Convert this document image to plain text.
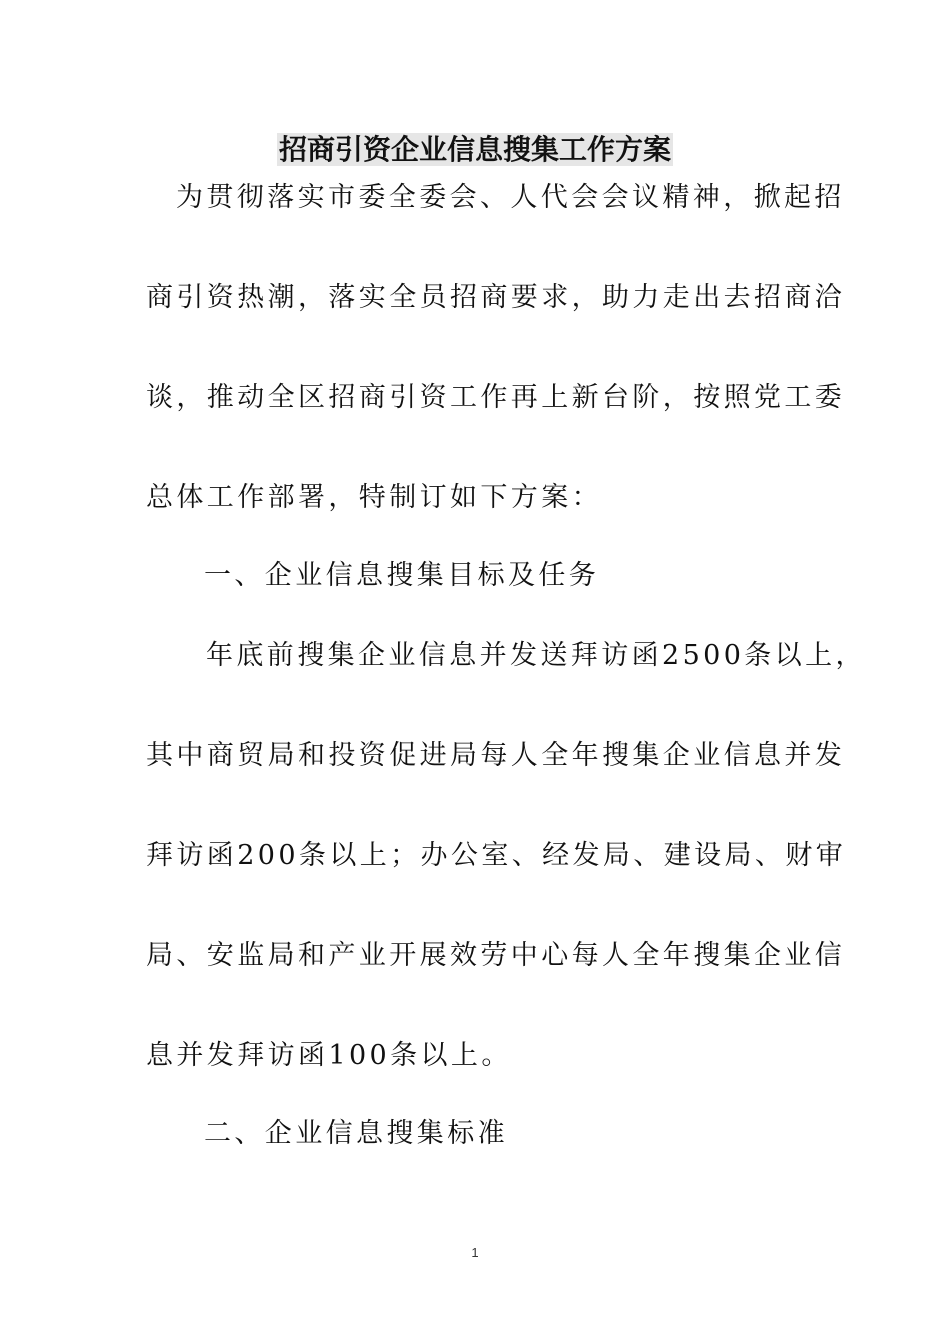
招商引资企业信息搜集工作方案
为贯彻落实市委全委会、人代会会议精神，掀起招
商引资热潮，落实全员招商要求，助力走出去招商洽
谈，推动全区招商引资工作再上新台阶，按照党工委
总体工作部署，特制订如下方案：
一、企业信息搜集目标及任务
年底前搜集企业信息并发送拜访函2500条以上，
其中商贸局和投资促进局每人全年搜集企业信息并发
拜访函200条以上；办公室、经发局、建设局、财审
局、安监局和产业开展效劳中心每人全年搜集企业信
息并发拜访函100条以上。
二、企业信息搜集标准
1
